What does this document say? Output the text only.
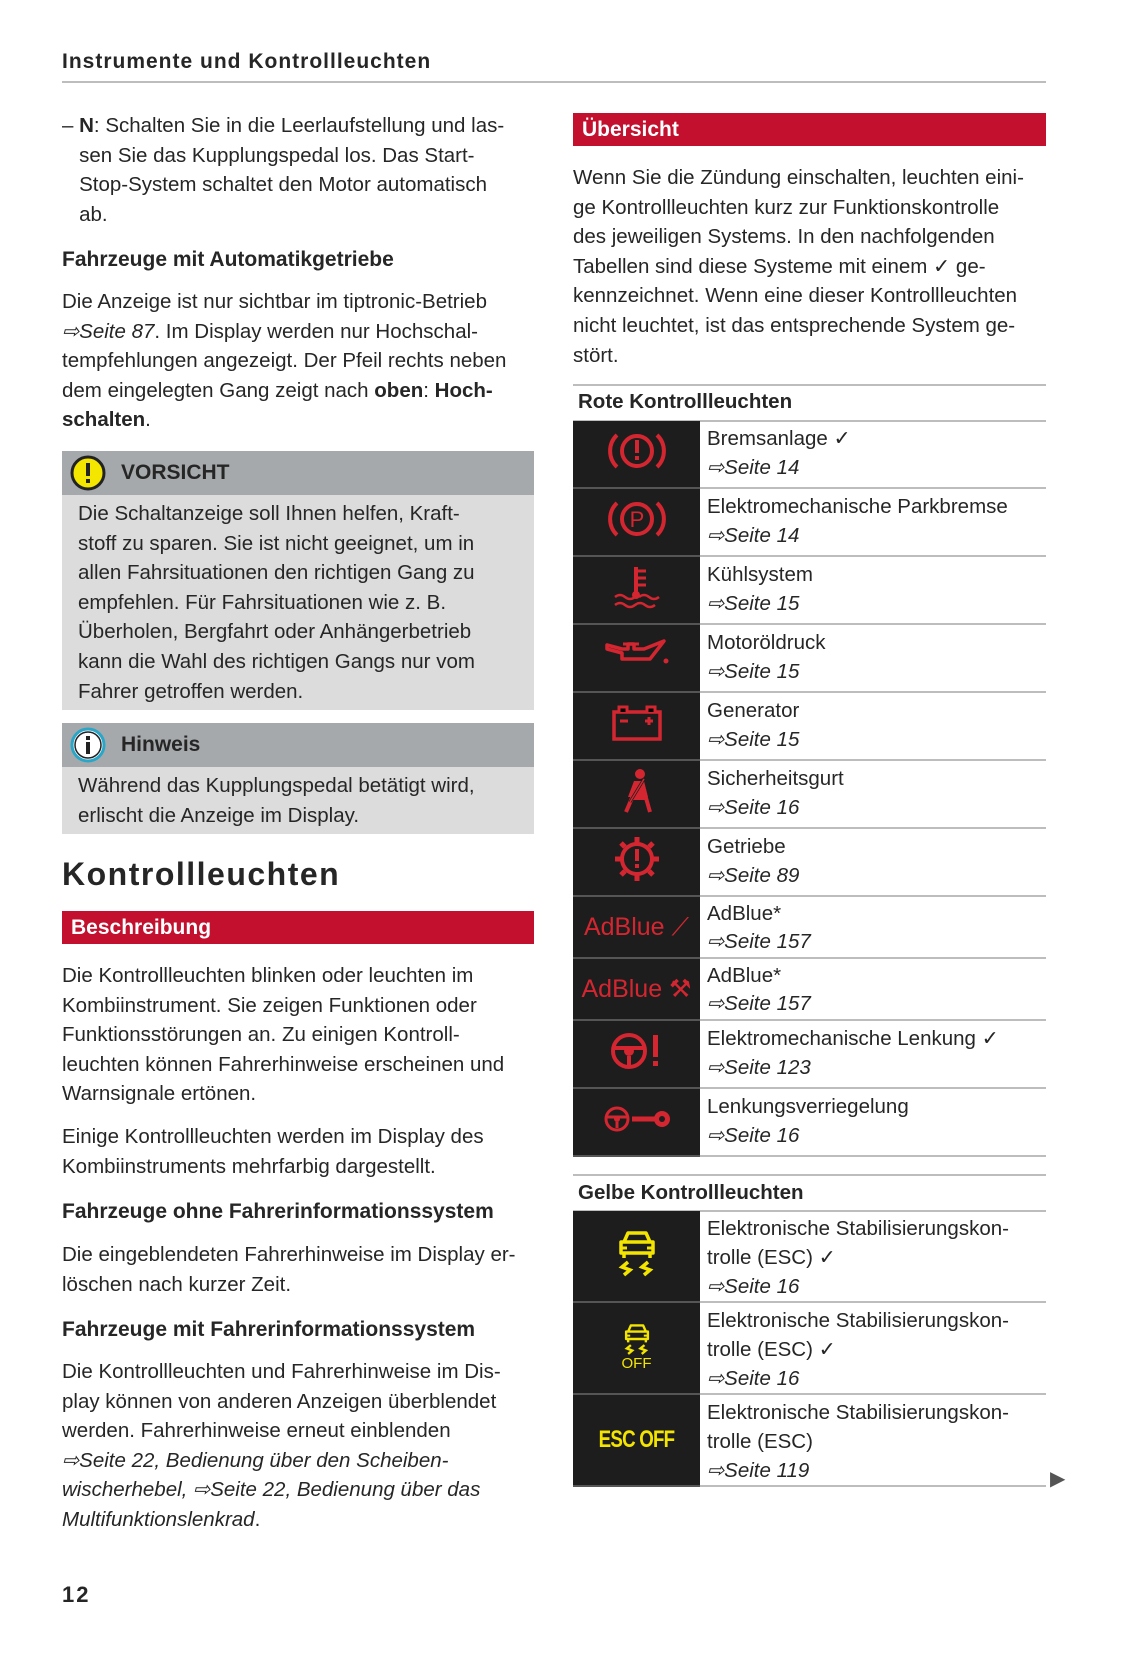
Instrumente und Kontrollleuchten
– N: Schalten Sie in die Leerlaufstellung und las-
sen Sie das Kupplungspedal los. Das Start-
Stop-System schaltet den Motor automatisch
ab.
Fahrzeuge mit Automatikgetriebe
Die Anzeige ist nur sichtbar im tiptronic-Betrieb
⇨Seite 87. Im Display werden nur Hochschal-
tempfehlungen angezeigt. Der Pfeil rechts neben
dem eingelegten Gang zeigt nach oben: Hoch-
schalten.
VORSICHT
Die Schaltanzeige soll Ihnen helfen, Kraft-
stoff zu sparen. Sie ist nicht geeignet, um in
allen Fahrsituationen den richtigen Gang zu
empfehlen. Für Fahrsituationen wie z. B.
Überholen, Bergfahrt oder Anhängerbetrieb
kann die Wahl des richtigen Gangs nur vom
Fahrer getroffen werden.
Hinweis
Während das Kupplungspedal betätigt wird,
erlischt die Anzeige im Display.
Kontrollleuchten
Beschreibung
Die Kontrollleuchten blinken oder leuchten im
Kombiinstrument. Sie zeigen Funktionen oder
Funktionsstörungen an. Zu einigen Kontroll-
leuchten können Fahrerhinweise erscheinen und
Warnsignale ertönen.
Einige Kontrollleuchten werden im Display des
Kombiinstruments mehrfarbig dargestellt.
Fahrzeuge ohne Fahrerinformationssystem
Die eingeblendeten Fahrerhinweise im Display er-
löschen nach kurzer Zeit.
Fahrzeuge mit Fahrerinformationssystem
Die Kontrollleuchten und Fahrerhinweise im Dis-
play können von anderen Anzeigen überblendet
werden. Fahrerhinweise erneut einblenden
⇨Seite 22, Bedienung über den Scheiben-
wischerhebel, ⇨Seite 22, Bedienung über das
Multifunktionslenkrad.
12
Übersicht
Wenn Sie die Zündung einschalten, leuchten eini-
ge Kontrollleuchten kurz zur Funktionskontrolle
des jeweiligen Systems. In den nachfolgenden
Tabellen sind diese Systeme mit einem ✓ ge-
kennzeichnet. Wenn eine dieser Kontrollleuchten
nicht leuchtet, ist das entsprechende System ge-
stört.
Rote Kontrollleuchten

Bremsanlage ✓
⇨Seite 14

P	Elektromechanische Parkbremse
⇨Seite 14

Kühlsystem
⇨Seite 15

Motoröldruck
⇨Seite 15

Generator
⇨Seite 15

Sicherheitsgurt
⇨Seite 16

Getriebe
⇨Seite 89

AdBlue ⟋	AdBlue*
⇨Seite 157

AdBlue ⚒	AdBlue*
⇨Seite 157

Elektromechanische Lenkung ✓
⇨Seite 123

Lenkungsverriegelung
⇨Seite 16
Gelbe Kontrollleuchten

Elektronische Stabilisierungskon-
trolle (ESC) ✓
⇨Seite 16

OFF	Elektronische Stabilisierungskon-
trolle (ESC) ✓
⇨Seite 16

ESC OFF	Elektronische Stabilisierungskon-
trolle (ESC)
⇨Seite 119	▶
